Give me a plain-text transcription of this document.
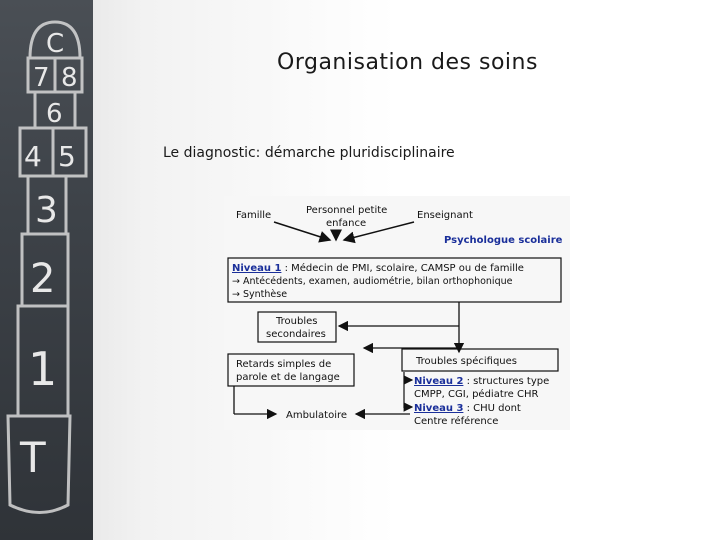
C
7 8
6
4 5
3
2
1
T
Organisation des soins
Le diagnostic: démarche pluridisciplinaire
Famille	Personnel petite
enfance
Enseignant
Psychologue scolaire
Niveau 1 : Médecin de PMI, scolaire, CAMSP ou de famille
→ Antécédents, examen, audiométrie, bilan orthophonique
→ Synthèse
Troubles
secondaires
Retards simples de
parole et de langage
Troubles spécifiques
Niveau 2 : structures type
CMPP, CGI, pédiatre CHR
Niveau 3 : CHU dont
Centre référence
Ambulatoire
